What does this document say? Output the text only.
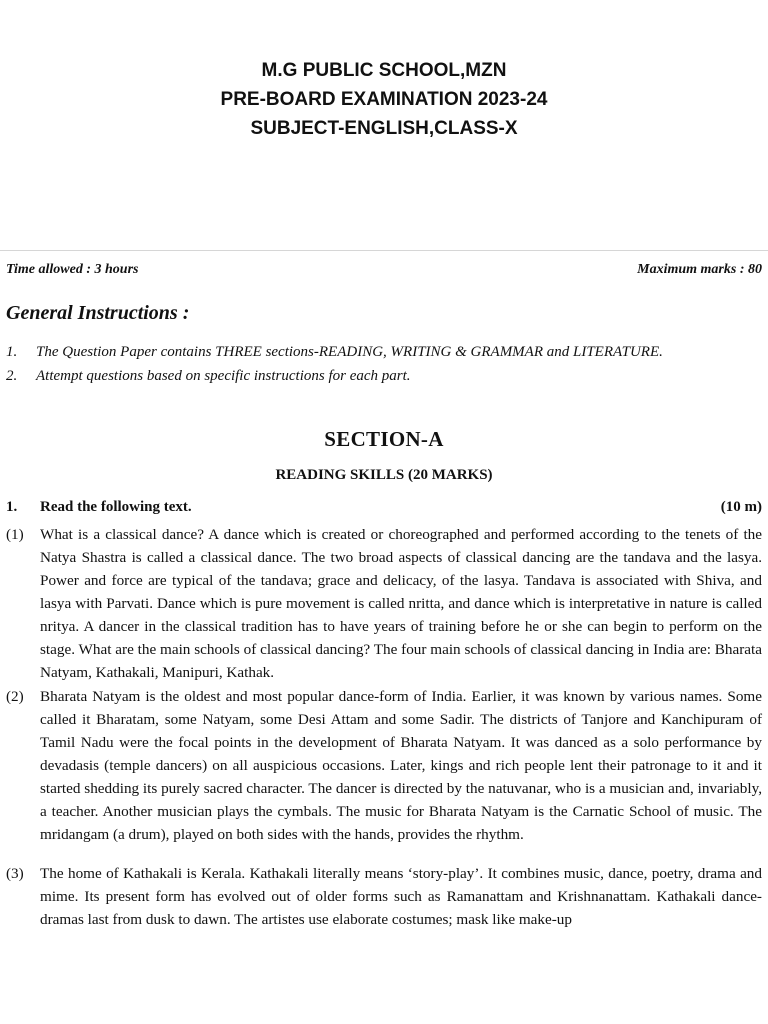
M.G PUBLIC SCHOOL,MZN
PRE-BOARD EXAMINATION 2023-24
SUBJECT-ENGLISH,CLASS-X
Time allowed : 3 hours	Maximum marks : 80
General Instructions :
1.	The Question Paper contains THREE sections-READING, WRITING & GRAMMAR and LITERATURE.
2.	Attempt questions based on specific instructions for each part.
SECTION-A
READING SKILLS (20 MARKS)
1.	Read the following text.	(10 m)
(1)	What is a classical dance? A dance which is created or choreographed and performed according to the tenets of the Natya Shastra is called a classical dance. The two broad aspects of classical dancing are the tandava and the lasya. Power and force are typical of the tandava; grace and delicacy, of the lasya. Tandava is associated with Shiva, and lasya with Parvati. Dance which is pure movement is called nritta, and dance which is interpretative in nature is called nritya. A dancer in the classical tradition has to have years of training before he or she can begin to perform on the stage. What are the main schools of classical dancing? The four main schools of classical dancing in India are: Bharata Natyam, Kathakali, Manipuri, Kathak.
(2)	Bharata Natyam is the oldest and most popular dance-form of India. Earlier, it was known by various names. Some called it Bharatam, some Natyam, some Desi Attam and some Sadir. The districts of Tanjore and Kanchipuram of Tamil Nadu were the focal points in the development of Bharata Natyam. It was danced as a solo performance by devadasis (temple dancers) on all auspicious occasions. Later, kings and rich people lent their patronage to it and it started shedding its purely sacred character. The dancer is directed by the natuvanar, who is a musician and, invariably, a teacher. Another musician plays the cymbals. The music for Bharata Natyam is the Carnatic School of music. The mridangam (a drum), played on both sides with the hands, provides the rhythm.
(3)	The home of Kathakali is Kerala. Kathakali literally means ‘story-play’. It combines music, dance, poetry, drama and mime. Its present form has evolved out of older forms such as Ramanattam and Krishnanattam. Kathakali dance-dramas last from dusk to dawn. The artistes use elaborate costumes; mask like make-up
